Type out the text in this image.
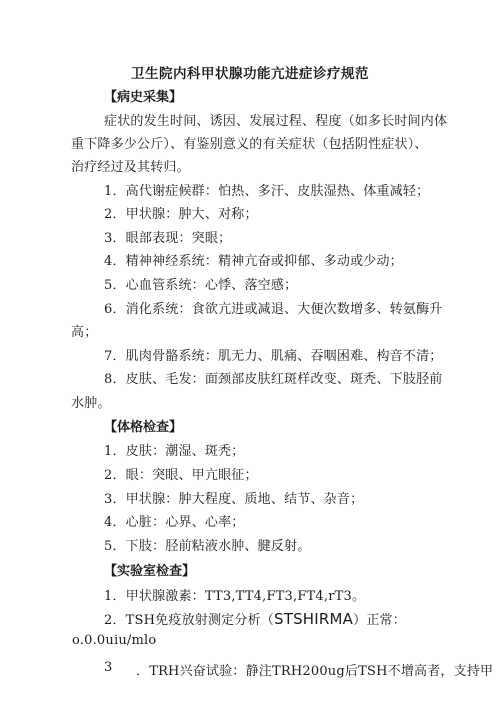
卫生院内科甲状腺功能亢进症诊疗规范
【病史采集】
症状的发生时间、诱因、发展过程、程度（如多长时间内体
重下降多少公斤）、有鉴别意义的有关症状（包括阴性症状）、
治疗经过及其转归。
1．高代谢症候群：怕热、多汗、皮肤湿热、体重减轻；
2．甲状腺：肿大、对称；
3．眼部表现：突眼；
4．精神神经系统：精神亢奋或抑郁、多动或少动；
5．心血管系统：心悸、落空感；
6．消化系统：食欲亢进或减退、大便次数增多、转氨酶升
高；
7．肌肉骨骼系统：肌无力、肌痛、吞咽困难、构音不清；
8．皮肤、毛发：面颈部皮肤红斑样改变、斑秃、下肢胫前
水肿。
【体格检查】
1．皮肤：潮湿、斑秃；
2．眼：突眼、甲亢眼征；
3．甲状腺：肿大程度、质地、结节、杂音；
4．心脏：心界、心率；
5．下肢：胫前粘液水肿、腱反射。
【实验室检查】
1．甲状腺激素：TT3,TT4,FT3,FT4,rT3。
2．TSH免疫放射测定分析（STSHIRMA）正常：
o.0.0uiu/mlo
3	．TRH兴奋试验：静注TRH200ug后TSH不增高者，支持甲
